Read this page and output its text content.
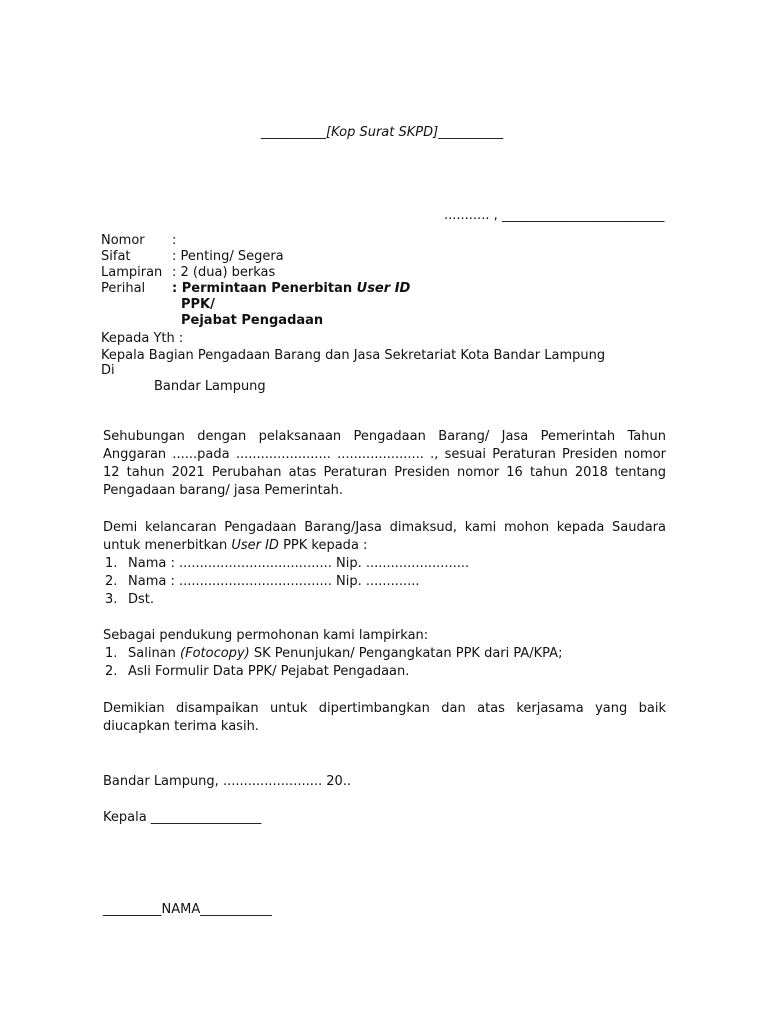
__________[Kop Surat SKPD]__________
........... , _________________________
Nomor :
Sifat	: Penting/ Segera
Lampiran : 2 (dua) berkas
Perihal : Permintaan Penerbitan User ID
PPK/
Pejabat Pengadaan
Kepada Yth :
Kepala Bagian Pengadaan Barang dan Jasa Sekretariat Kota Bandar Lampung
Di
Bandar Lampung
Sehubungan dengan pelaksanaan Pengadaan Barang/ Jasa Pemerintah Tahun Anggaran ......pada ....................... ..................... ., sesuai Peraturan Presiden nomor 12 tahun 2021 Perubahan atas Peraturan Presiden nomor 16 tahun 2018 tentang Pengadaan barang/ jasa Pemerintah.
Demi kelancaran Pengadaan Barang/Jasa dimaksud, kami mohon kepada Saudara untuk menerbitkan User ID PPK kepada :
1. Nama : ..................................... Nip. .........................
2. Nama : ..................................... Nip. .............
3. Dst.
Sebagai pendukung permohonan kami lampirkan:
1. Salinan (Fotocopy) SK Penunjukan/ Pengangkatan PPK dari PA/KPA;
2. Asli Formulir Data PPK/ Pejabat Pengadaan.
Demikian disampaikan untuk dipertimbangkan dan atas kerjasama yang baik diucapkan terima kasih.
Bandar Lampung, ........................ 20..
Kepala _________________
_________NAMA___________
